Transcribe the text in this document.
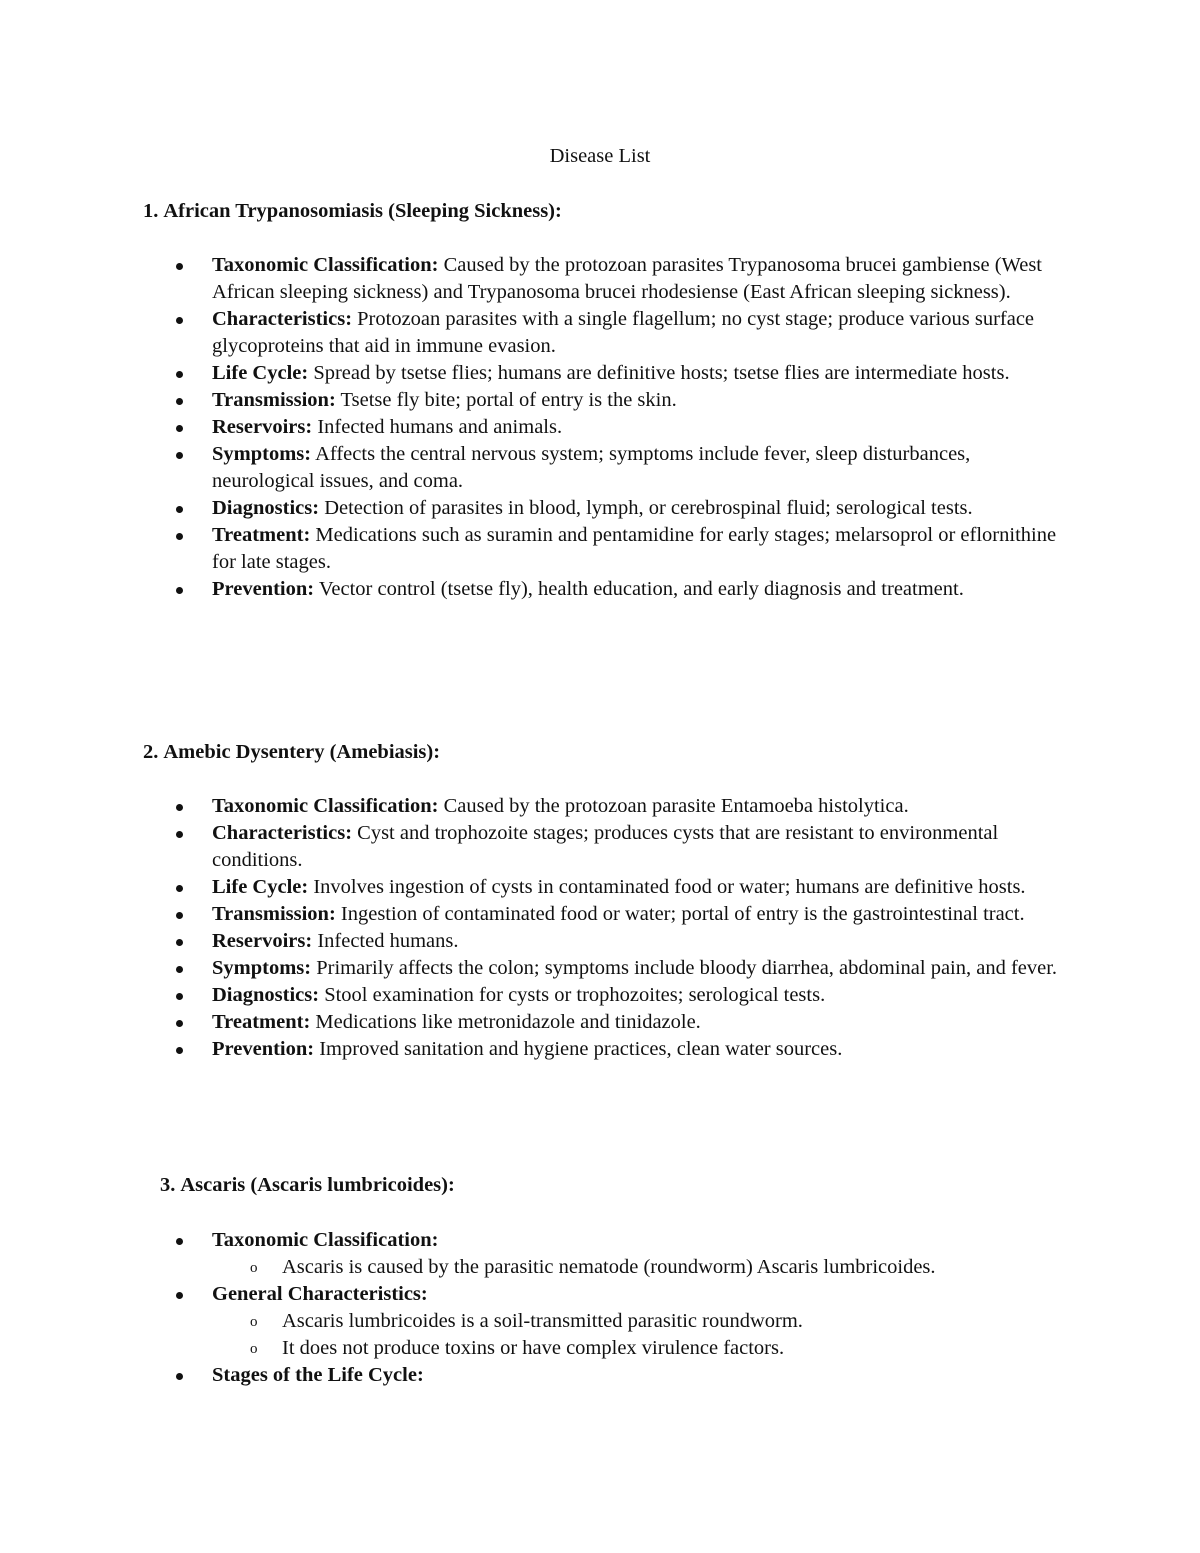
Disease List
1. African Trypanosomiasis (Sleeping Sickness):
Taxonomic Classification: Caused by the protozoan parasites Trypanosoma brucei gambiense (West African sleeping sickness) and Trypanosoma brucei rhodesiense (East African sleeping sickness).
Characteristics: Protozoan parasites with a single flagellum; no cyst stage; produce various surface glycoproteins that aid in immune evasion.
Life Cycle: Spread by tsetse flies; humans are definitive hosts; tsetse flies are intermediate hosts.
Transmission: Tsetse fly bite; portal of entry is the skin.
Reservoirs: Infected humans and animals.
Symptoms: Affects the central nervous system; symptoms include fever, sleep disturbances, neurological issues, and coma.
Diagnostics: Detection of parasites in blood, lymph, or cerebrospinal fluid; serological tests.
Treatment: Medications such as suramin and pentamidine for early stages; melarsoprol or eflornithine for late stages.
Prevention: Vector control (tsetse fly), health education, and early diagnosis and treatment.
2. Amebic Dysentery (Amebiasis):
Taxonomic Classification: Caused by the protozoan parasite Entamoeba histolytica.
Characteristics: Cyst and trophozoite stages; produces cysts that are resistant to environmental conditions.
Life Cycle: Involves ingestion of cysts in contaminated food or water; humans are definitive hosts.
Transmission: Ingestion of contaminated food or water; portal of entry is the gastrointestinal tract.
Reservoirs: Infected humans.
Symptoms: Primarily affects the colon; symptoms include bloody diarrhea, abdominal pain, and fever.
Diagnostics: Stool examination for cysts or trophozoites; serological tests.
Treatment: Medications like metronidazole and tinidazole.
Prevention: Improved sanitation and hygiene practices, clean water sources.
3. Ascaris (Ascaris lumbricoides):
Taxonomic Classification:
o Ascaris is caused by the parasitic nematode (roundworm) Ascaris lumbricoides.
General Characteristics:
o Ascaris lumbricoides is a soil-transmitted parasitic roundworm.
o It does not produce toxins or have complex virulence factors.
Stages of the Life Cycle:
